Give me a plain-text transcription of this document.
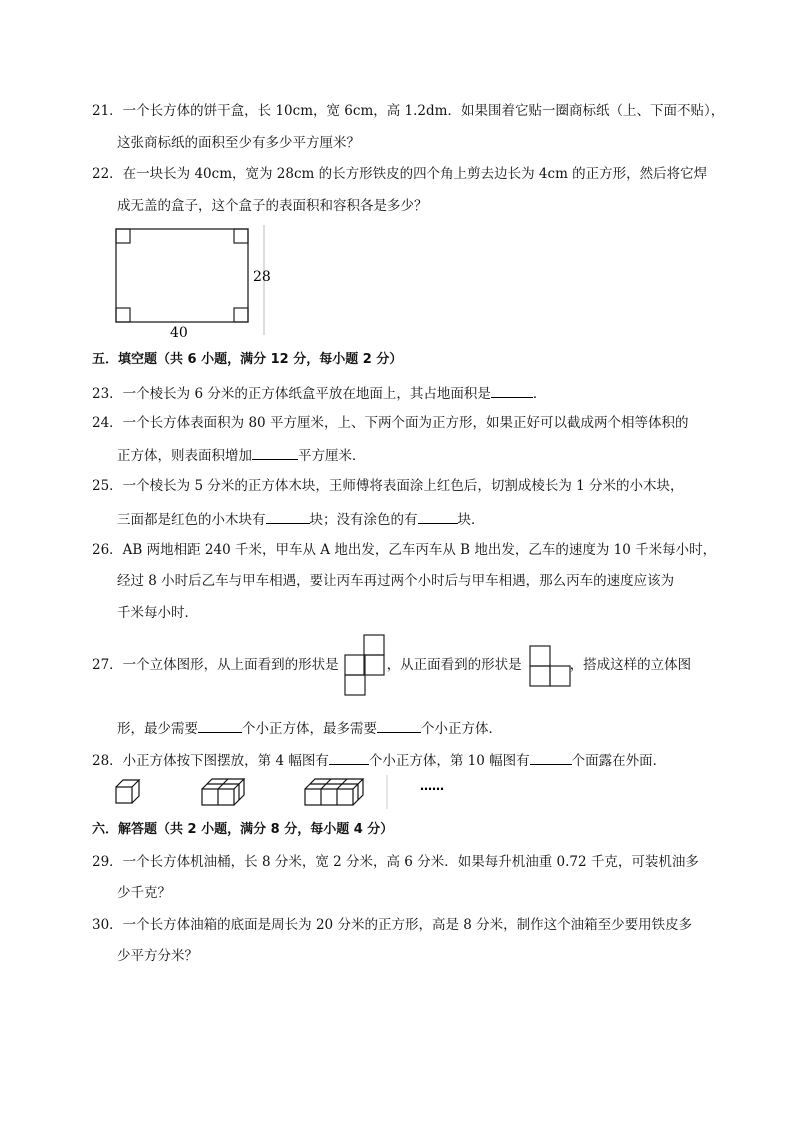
21．一个长方体的饼干盒，长 10cm，宽 6cm，高 1.2dm．如果围着它贴一圈商标纸（上、下面不贴），
这张商标纸的面积至少有多少平方厘米？
22．在一块长为 40cm，宽为 28cm 的长方形铁皮的四个角上剪去边长为 4cm 的正方形，然后将它焊
成无盖的盒子，这个盒子的表面积和容积各是多少？
28
40
五．填空题（共 6 小题，满分 12 分，每小题 2 分）
23．一个棱长为 6 分米的正方体纸盒平放在地面上，其占地面积是	．
24．一个长方体表面积为 80 平方厘米，上、下两个面为正方形，如果正好可以截成两个相等体积的
正方体，则表面积增加	平方厘米．
25．一个棱长为 5 分米的正方体木块，王师傅将表面涂上红色后，切割成棱长为 1 分米的小木块，
三面都是红色的小木块有	块；没有涂色的有	块．
26．AB 两地相距 240 千米，甲车从 A 地出发，乙车丙车从 B 地出发，乙车的速度为 10 千米每小时，
经过 8 小时后乙车与甲车相遇，要让丙车再过两个小时后与甲车相遇，那么丙车的速度应该为
千米每小时．
27．一个立体图形，从上面看到的形状是	，从正面看到的形状是	，搭成这样的立体图
形，最少需要	个小正方体，最多需要	个小正方体．
28．小正方体按下图摆放，第 4 幅图有	个小正方体，第 10 幅图有	个面露在外面．
……
六．解答题（共 2 小题，满分 8 分，每小题 4 分）
29．一个长方体机油桶，长 8 分米，宽 2 分米，高 6 分米．如果每升机油重 0.72 千克，可装机油多
少千克？
30．一个长方体油箱的底面是周长为 20 分米的正方形，高是 8 分米，制作这个油箱至少要用铁皮多
少平方分米？
